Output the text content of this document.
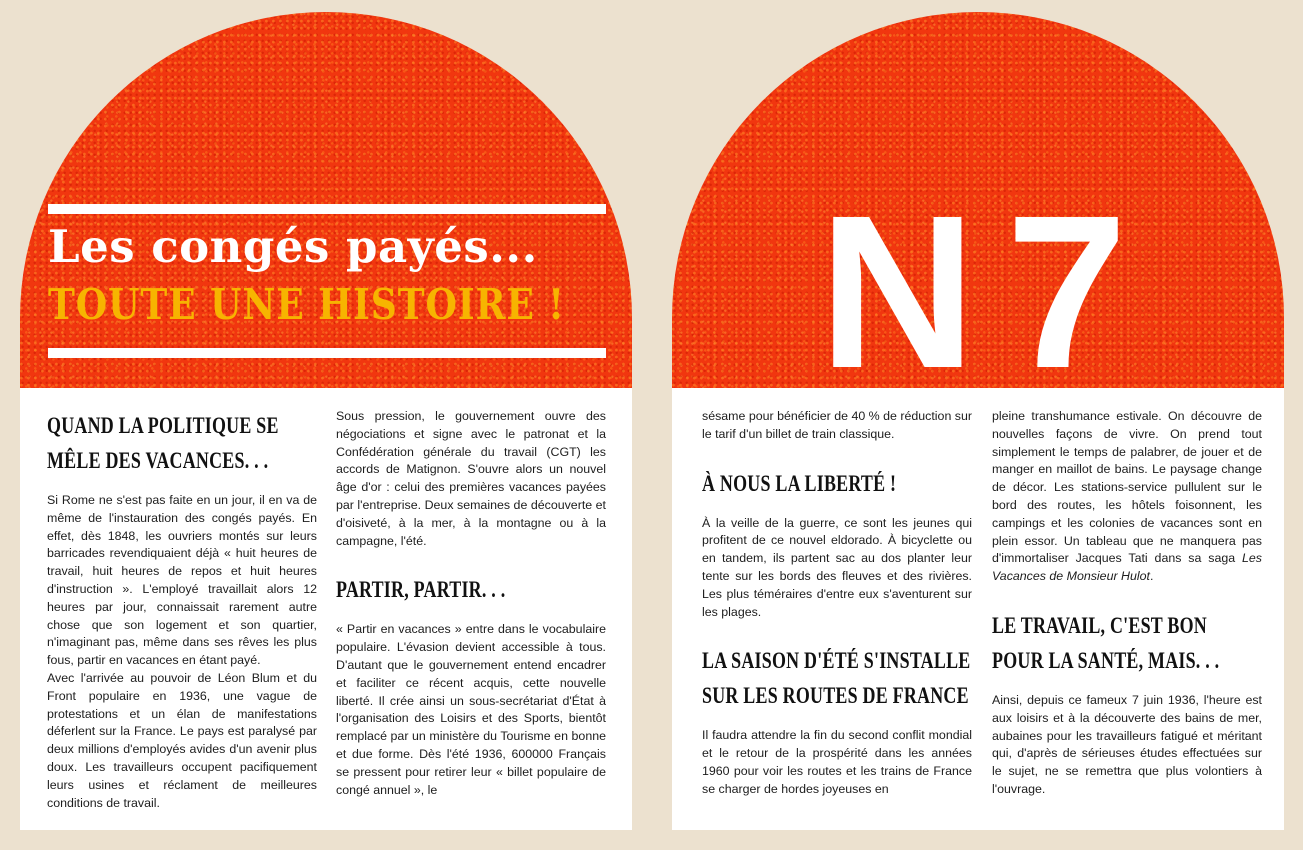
Les congés payés...
TOUTE UNE HISTOIRE !
QUAND LA POLITIQUE SE MÊLE DES VACANCES. . .

Si Rome ne s'est pas faite en un jour, il en va de même de l'instauration des congés payés. En effet, dès 1848, les ouvriers montés sur leurs barricades revendiquaient déjà « huit heures de travail, huit heures de repos et huit heures d'instruction ». L'employé travaillait alors 12 heures par jour, connaissait rarement autre chose que son logement et son quartier, n'imaginant pas, même dans ses rêves les plus fous, partir en vacances en étant payé.

Avec l'arrivée au pouvoir de Léon Blum et du Front populaire en 1936, une vague de protestations et un élan de manifestations déferlent sur la France. Le pays est paralysé par deux millions d'employés avides d'un avenir plus doux. Les travailleurs occupent pacifiquement leurs usines et réclament de meilleures conditions de travail.

Sous pression, le gouvernement ouvre des négociations et signe avec le patronat et la Confédération générale du travail (CGT) les accords de Matignon. S'ouvre alors un nouvel âge d'or : celui des premières vacances payées par l'entreprise. Deux semaines de découverte et d'oisiveté, à la mer, à la montagne ou à la campagne, l'été.

PARTIR, PARTIR. . .

« Partir en vacances » entre dans le vocabulaire populaire. L'évasion devient accessible à tous. D'autant que le gouvernement entend encadrer et faciliter ce récent acquis, cette nouvelle liberté. Il crée ainsi un sous-secrétariat d'État à l'organisation des Loisirs et des Sports, bientôt remplacé par un ministère du Tourisme en bonne et due forme. Dès l'été 1936, 600000 Français se pressent pour retirer leur « billet populaire de congé annuel », le

N7

sésame pour bénéficier de 40 % de réduction sur le tarif d'un billet de train classique.

À NOUS LA LIBERTÉ !

À la veille de la guerre, ce sont les jeunes qui profitent de ce nouvel eldorado. À bicyclette ou en tandem, ils partent sac au dos planter leur tente sur les bords des fleuves et des rivières. Les plus téméraires d'entre eux s'aventurent sur les plages.

LA SAISON D'ÉTÉ S'INSTALLE SUR LES ROUTES DE FRANCE

Il faudra attendre la fin du second conflit mondial et le retour de la prospérité dans les années 1960 pour voir les routes et les trains de France se charger de hordes joyeuses en

pleine transhumance estivale. On découvre de nouvelles façons de vivre. On prend tout simplement le temps de palabrer, de jouer et de manger en maillot de bains. Le paysage change de décor. Les stations-service pullulent sur le bord des routes, les hôtels foisonnent, les campings et les colonies de vacances sont en plein essor. Un tableau que ne manquera pas d'immortaliser Jacques Tati dans sa saga Les Vacances de Monsieur Hulot.

LE TRAVAIL, C'EST BON POUR LA SANTÉ, MAIS. . .

Ainsi, depuis ce fameux 7 juin 1936, l'heure est aux loisirs et à la découverte des bains de mer, aubaines pour les travailleurs fatigué et méritant qui, d'après de sérieuses études effectuées sur le sujet, ne se remettra que plus volontiers à l'ouvrage.
